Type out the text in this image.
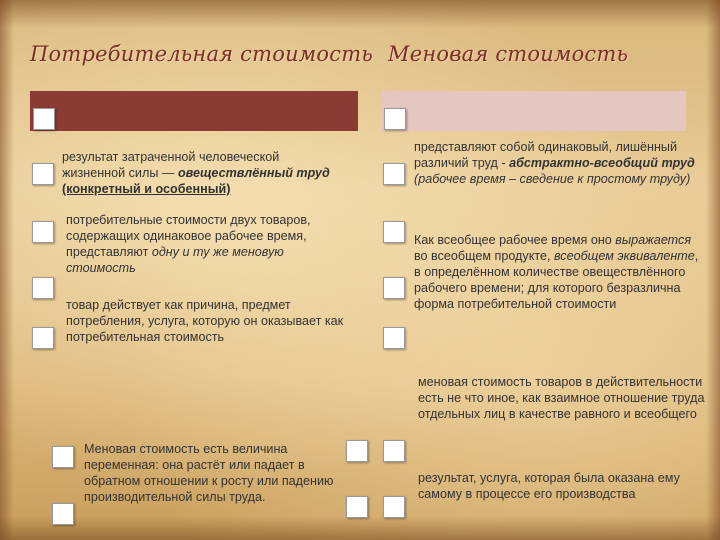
Потребительная стоимость Меновая стоимость
результат затраченной человеческой жизненной силы — овеществлённый труд (конкретный и особенный)
потребительные стоимости двух товаров, содержащих одинаковое рабочее время, представляют одну и ту же меновую стоимость
товар действует как причина, предмет потребления, услуга, которую он оказывает как потребительная стоимость
Меновая стоимость есть величина переменная: она растёт или падает в обратном отношении к росту или падению производительной силы труда.
представляют собой одинаковый, лишённый различий труд - абстрактно-всеобщий труд (рабочее время – сведение к простому труду)
Как всеобщее рабочее время оно выражается во всеобщем продукте, всеобщем эквиваленте, в определённом количестве овеществлённого рабочего времени; для которого безразлична форма потребительной стоимости
меновая стоимость товаров в действительности есть не что иное, как взаимное отношение труда отдельных лиц в качестве равного и всеобщего
результат, услуга, которая была оказана ему самому в процессе его производства
